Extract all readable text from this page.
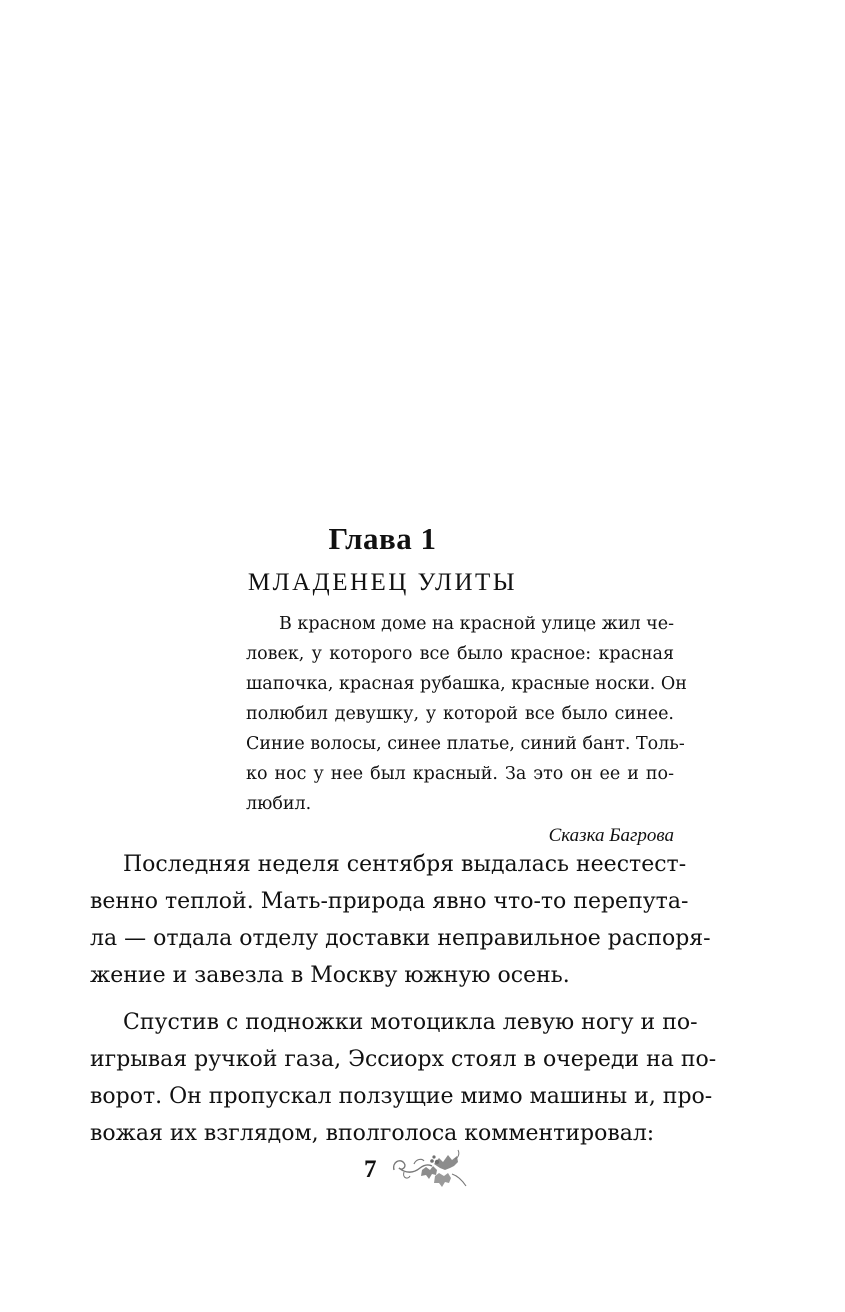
Глава 1
МЛАДЕНЕЦ УЛИТЫ
В красном доме на красной улице жил че-
ловек, у которого все было красное: красная
шапочка, красная рубашка, красные носки. Он
полюбил девушку, у которой все было синее.
Синие волосы, синее платье, синий бант. Толь-
ко нос у нее был красный. За это он ее и по-
любил.
Сказка Багрова

Последняя неделя сентября выдалась неестест-
венно теплой. Мать-природа явно что-то перепута-
ла — отдала отделу доставки неправильное распоря-
жение и завезла в Москву южную осень.

Спустив с подножки мотоцикла левую ногу и по-
игрывая ручкой газа, Эссиорх стоял в очереди на по-
ворот. Он пропускал ползущие мимо машины и, про-
вожая их взглядом, вполголоса комментировал:

7
